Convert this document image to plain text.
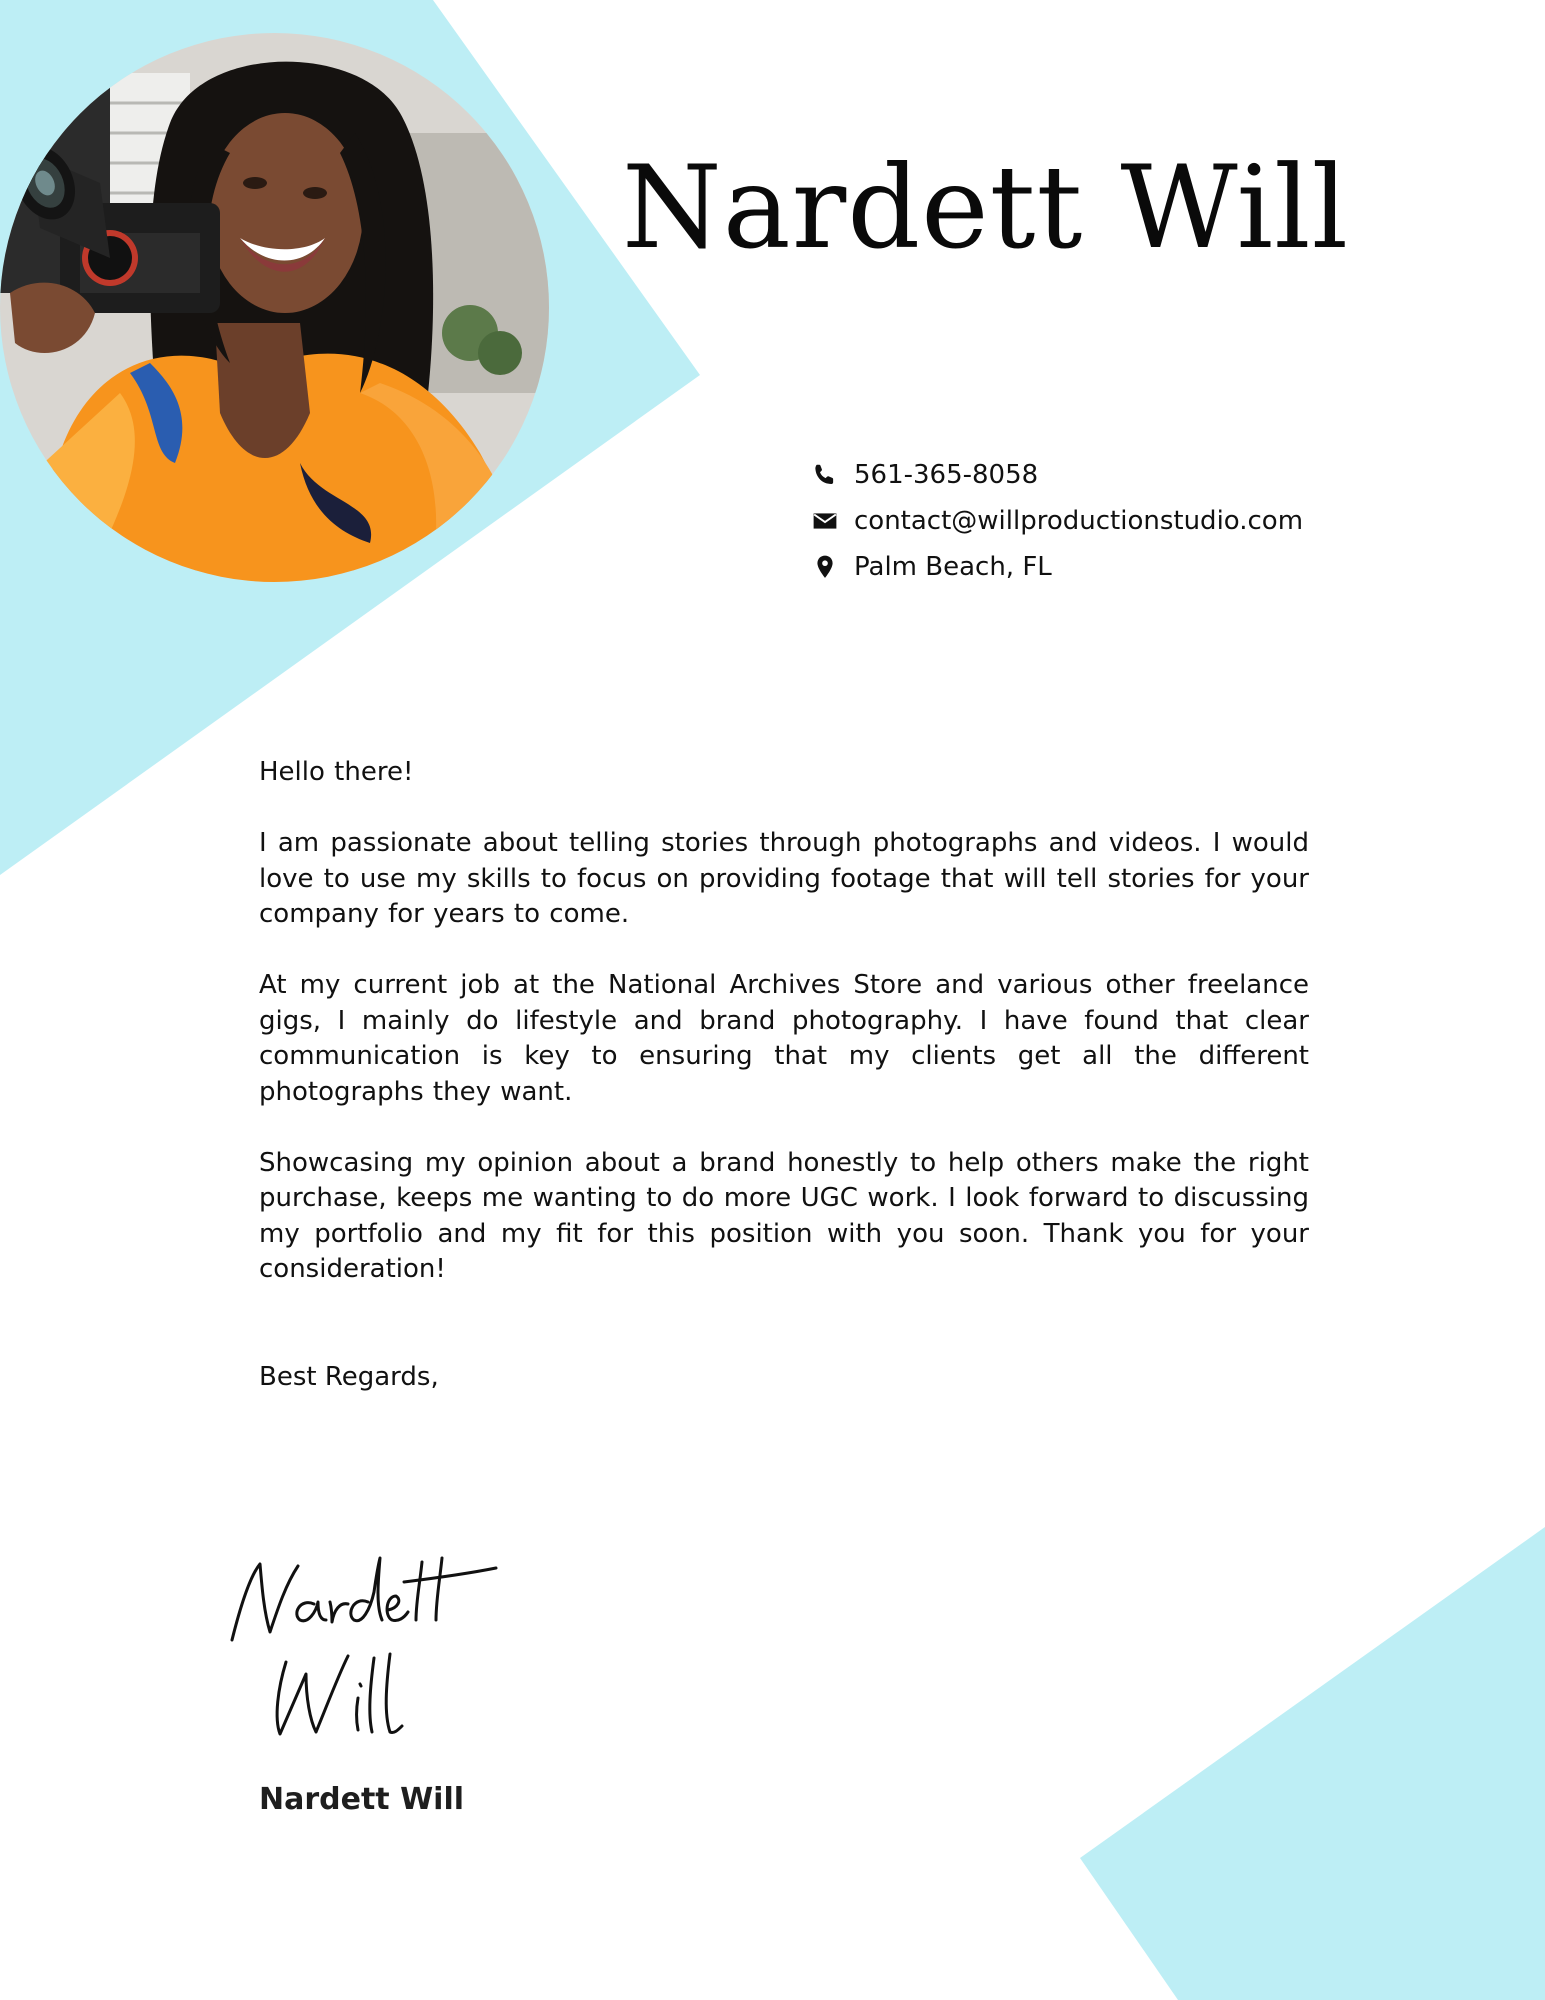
Nardett Will
561-365-8058
contact@willproductionstudio.com
Palm Beach, FL

Hello there!

I am passionate about telling stories through photographs and videos. I would love to use my skills to focus on providing footage that will tell stories for your company for years to come.

At my current job at the National Archives Store and various other freelance gigs, I mainly do lifestyle and brand photography. I have found that clear communication is key to ensuring that my clients get all the different photographs they want.

Showcasing my opinion about a brand honestly to help others make the right purchase, keeps me wanting to do more UGC work. I look forward to discussing my portfolio and my fit for this position with you soon. Thank you for your consideration!

Best Regards,

Nardett Will
